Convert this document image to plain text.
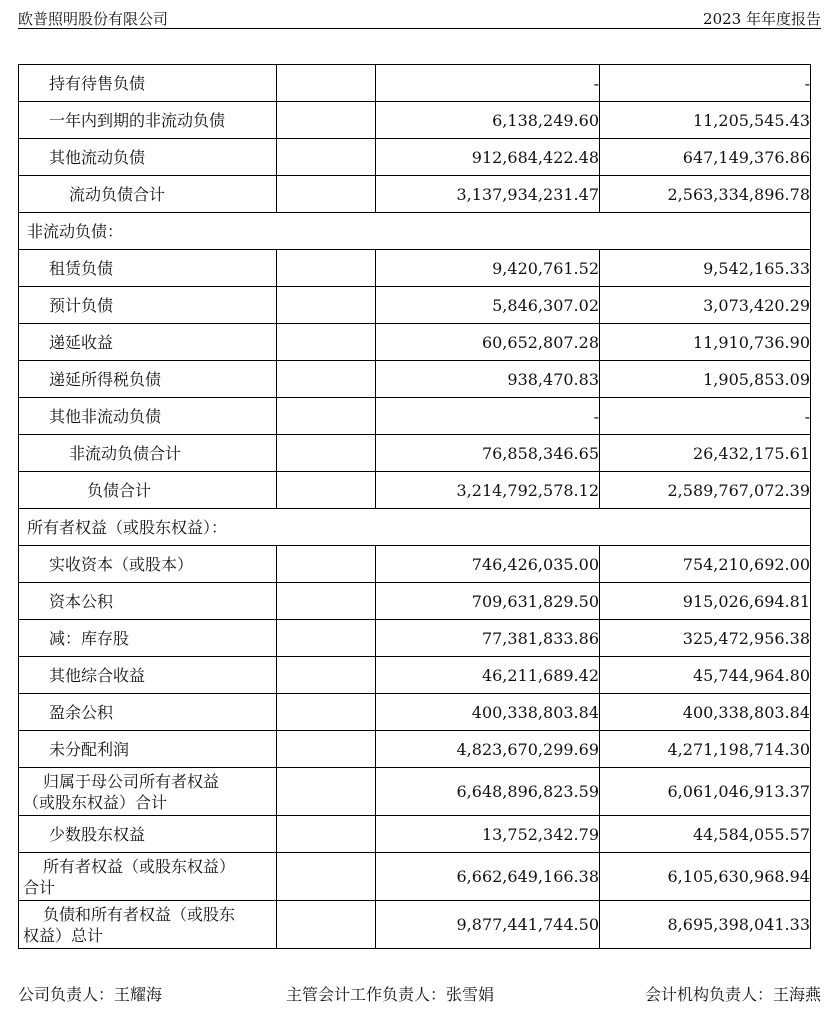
欧普照明股份有限公司	2023 年年度报告
持有待售负债		-	-
一年内到期的非流动负债		6,138,249.60	11,205,545.43
其他流动负债		912,684,422.48	647,149,376.86
流动负债合计		3,137,934,231.47	2,563,334,896.78
非流动负债：			
租赁负债		9,420,761.52	9,542,165.33
预计负债		5,846,307.02	3,073,420.29
递延收益		60,652,807.28	11,910,736.90
递延所得税负债		938,470.83	1,905,853.09
其他非流动负债		-	-
非流动负债合计		76,858,346.65	26,432,175.61
负债合计		3,214,792,578.12	2,589,767,072.39
所有者权益（或股东权益）：			
实收资本（或股本）		746,426,035.00	754,210,692.00
资本公积		709,631,829.50	915,026,694.81
减：库存股		77,381,833.86	325,472,956.38
其他综合收益		46,211,689.42	45,744,964.80
盈余公积		400,338,803.84	400,338,803.84
未分配利润		4,823,670,299.69	4,271,198,714.30

归属于母公司所有者权益
（或股东权益）合计		6,648,896,823.59	6,061,046,913.37
少数股东权益		13,752,342.79	44,584,055.57

所有者权益（或股东权益）
合计		6,662,649,166.38	6,105,630,968.94

负债和所有者权益（或股东
权益）总计		9,877,441,744.50	8,695,398,041.33
公司负责人：王耀海	主管会计工作负责人：张雪娟	会计机构负责人：王海燕
